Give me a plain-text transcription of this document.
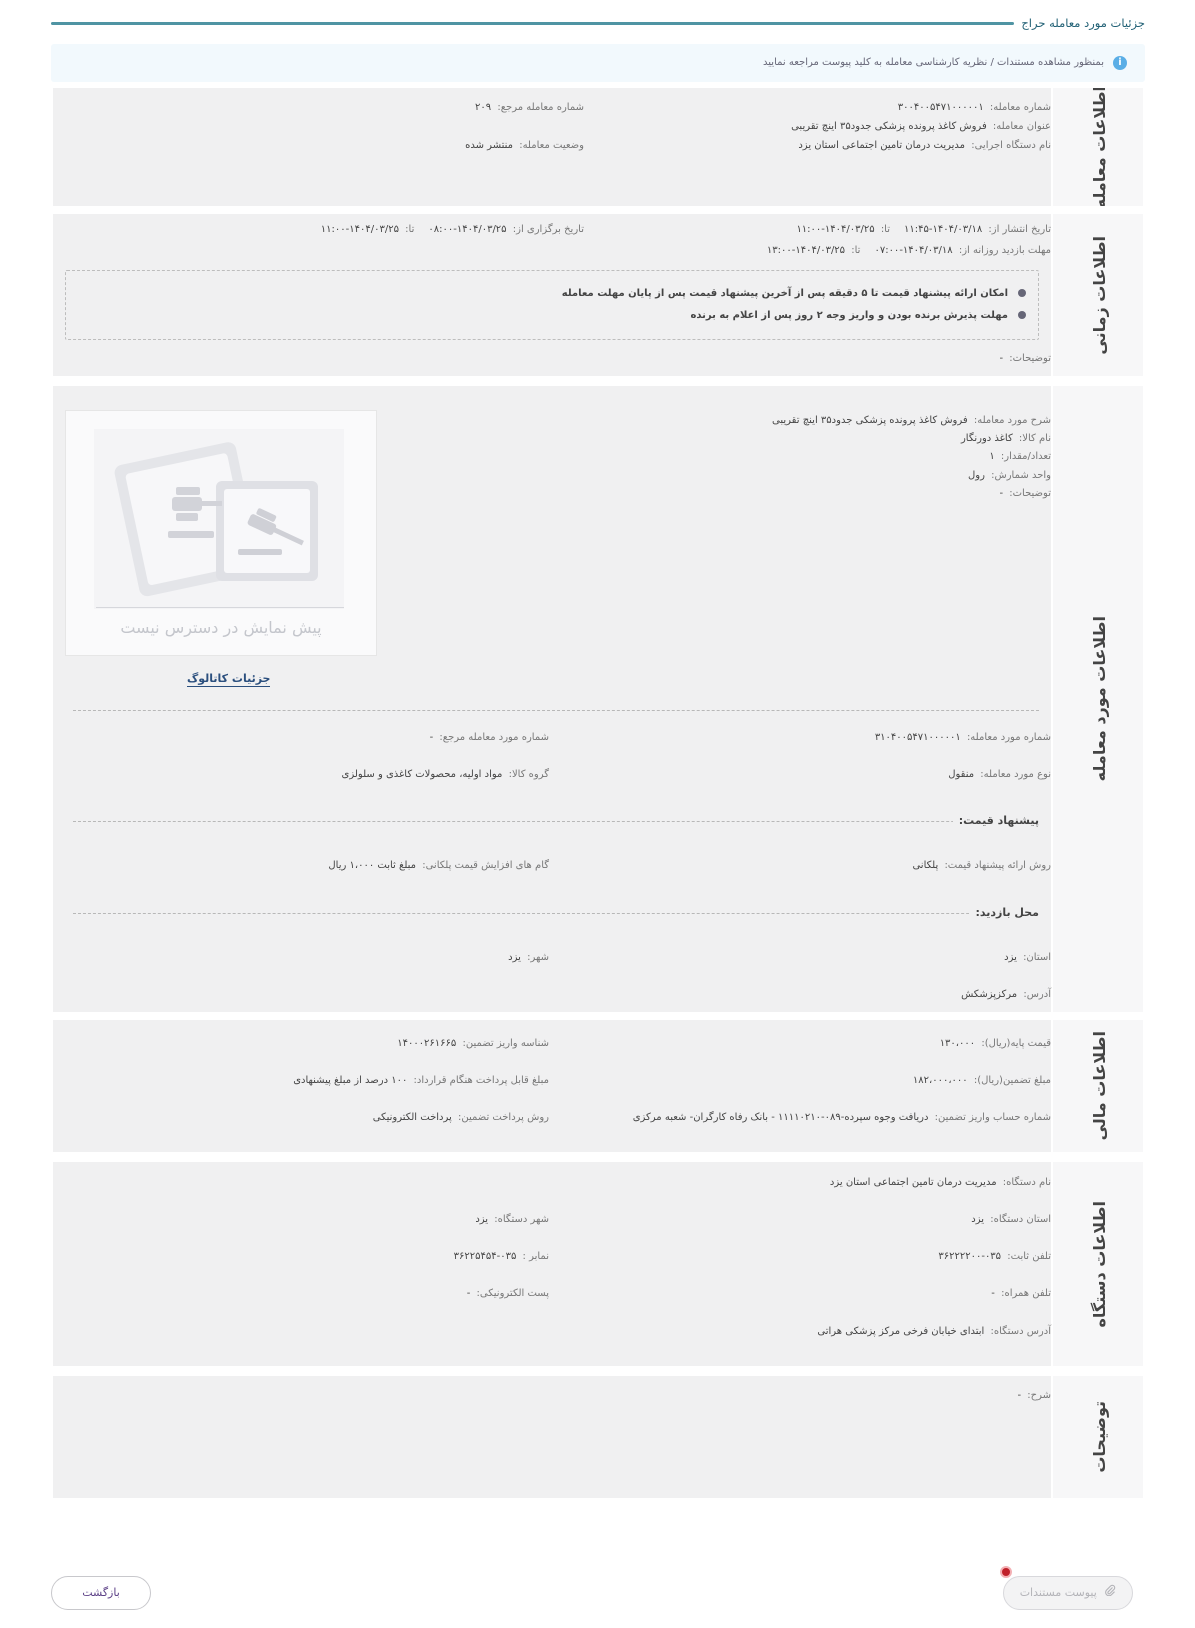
جزئیات مورد معامله حراج
i
بمنظور مشاهده مستندات / نظریه کارشناسی معامله به کلید پیوست مراجعه نمایید
شماره معامله: ۳۰۰۴۰۰۵۴۷۱۰۰۰۰۰۱
عنوان معامله: فروش کاغذ پرونده پزشکی جدود۳۵ اینچ تقریبی
نام دستگاه اجرایی: مدیریت درمان تامین اجتماعی استان یزد
شماره معامله مرجع: ۲۰۹
وضعیت معامله: منتشر شده	اطلاعات معامله
تاریخ انتشار از: ۱۴۰۴/۰۳/۱۸-۱۱:۴۵تا: ۱۴۰۴/۰۳/۲۵-۱۱:۰۰
تاریخ برگزاری از: ۱۴۰۴/۰۳/۲۵-۰۸:۰۰تا: ۱۴۰۴/۰۳/۲۵-۱۱:۰۰
مهلت بازدید روزانه از: ۱۴۰۴/۰۳/۱۸-۰۷:۰۰تا: ۱۴۰۴/۰۳/۲۵-۱۳:۰۰
امکان ارائه پیشنهاد قیمت تا ۵ دقیقه پس از آخرین پیشنهاد قیمت پس از پایان مهلت معامله
مهلت پذیرش برنده بودن و واریز وجه ۲ روز پس از اعلام به برنده
توضیحات: -
اطلاعات زمانی
شرح مورد معامله: فروش کاغذ پرونده پزشکی جدود۳۵ اینچ تقریبی
نام کالا: کاغذ دورنگار
تعداد/مقدار: ۱
واحد شمارش: رول
توضیحات: -
پیش نمایش در دسترس نیست
جزئیات کاتالوگ
شماره مورد معامله: ۳۱۰۴۰۰۵۴۷۱۰۰۰۰۰۱
شماره مورد معامله مرجع: -
نوع مورد معامله: منقول
گروه کالا: مواد اولیه، محصولات کاغذی و سلولزی
پیشنهاد قیمت:
روش ارائه پیشنهاد قیمت: پلکانی
گام های افزایش قیمت پلکانی: مبلغ ثابت ۱،۰۰۰ ریال
محل بازدید:
استان: یزد
شهر: یزد
آدرس: مرکزپزشکش
اطلاعات مورد معامله
قیمت پایه(ریال): ۱۳۰،۰۰۰
شناسه واریز تضمین: ۱۴۰۰۰۲۶۱۶۶۵
مبلغ تضمین(ریال): ۱۸۲،۰۰۰،۰۰۰
مبلغ قابل پرداخت هنگام قرارداد: ۱۰۰ درصد از مبلغ پیشنهادی
شماره حساب واریز تضمین: دریافت وجوه سپرده-۰۸۹-۱۱۱۱۰۲۱۰ - بانک رفاه کارگران- شعبه مرکزی
روش پرداخت تضمین: پرداخت الکترونیکی	اطلاعات مالی
نام دستگاه: مدیریت درمان تامین اجتماعی استان یزد
استان دستگاه: یزد
شهر دستگاه: یزد
تلفن ثابت: ۰۳۵-۳۶۲۲۲۲۰۰
نمابر : ۰۳۵-۳۶۲۲۵۴۵۴
تلفن همراه: -
پست الکترونیکی: -
آدرس دستگاه: ابتدای خیابان فرخی مرکز پزشکی هراتی
اطلاعات دستگاه
شرح: -
توضیحات
بازگشت	پیوست مستندات
